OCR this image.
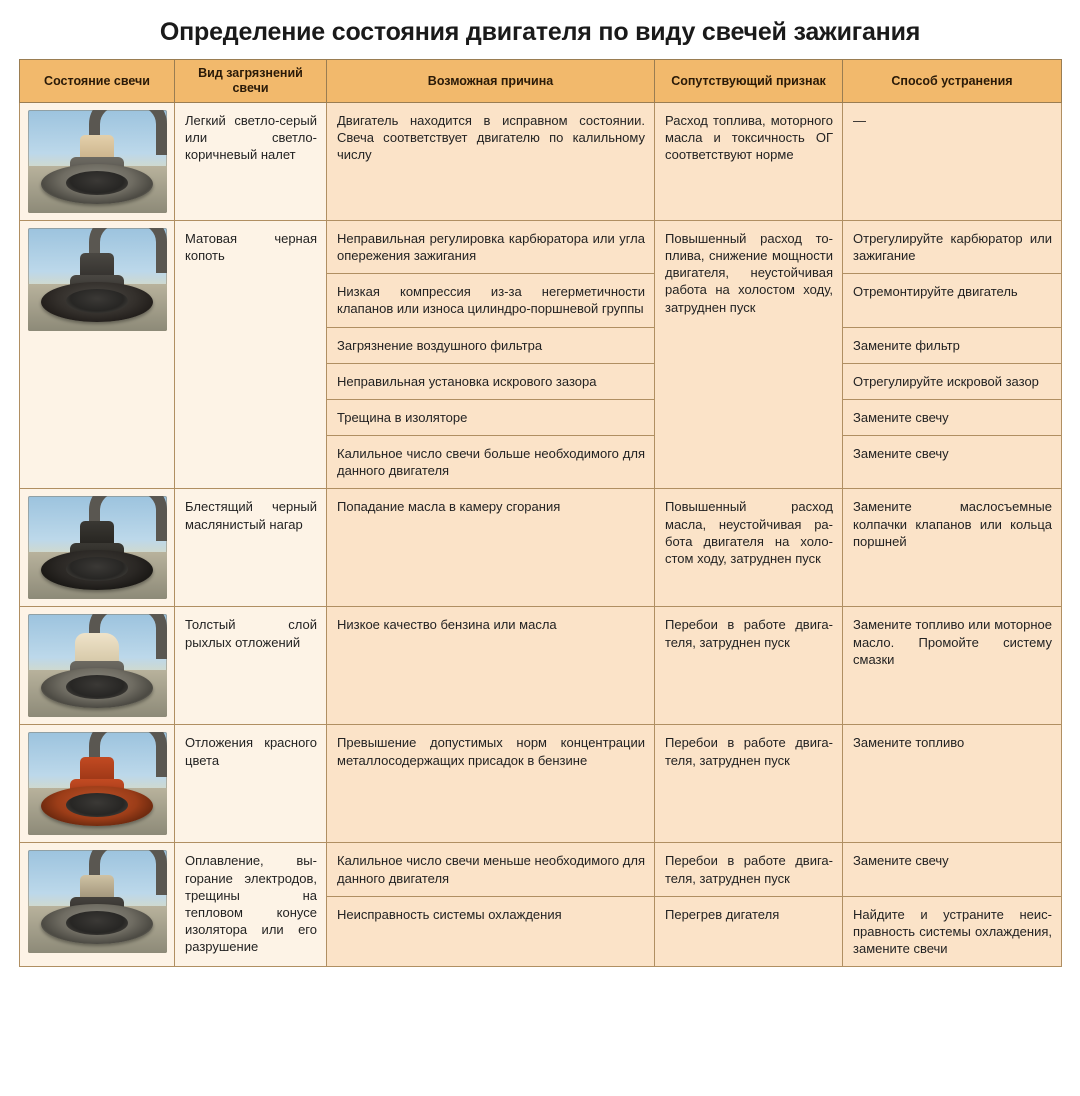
Определение состояния двигателя по виду свечей зажигания
Состояние свечи	Вид загрязнений свечи	Возможная причина	Сопутствующий признак	Способ устранения

	Легкий светло-серый или светло-коричневый налет	Двигатель находится в исправном состоянии. Свеча соответствует двигателю по калильному числу	Расход топлива, моторного масла и токсичность ОГ соответствуют норме	—

	Матовая черная копоть	Неправильная регулировка карбюратора или угла опережения зажигания	Повышенный расход топлива, снижение мощности двигателя, неустойчивая работа на холостом ходу, затруднен пуск	Отрегулируйте карбюратор или зажигание
		Низкая компрессия из-за негерметичности клапанов или износа цилиндро-поршневой группы		Отремонтируйте двигатель
		Загрязнение воздушного фильтра		Замените фильтр
		Неправильная установка искрового зазора		Отрегулируйте искровой зазор
		Трещина в изоляторе		Замените свечу
		Калильное число свечи больше необходимого для данного двигателя		Замените свечу

	Блестящий черный маслянистый нагар	Попадание масла в камеру сгорания	Повышенный расход масла, неустойчивая работа двигателя на холостом ходу, затруднен пуск	Замените маслосъемные колпачки клапанов или кольца поршней

	Толстый слой рыхлых отложений	Низкое качество бензина или масла	Перебои в работе двигателя, затруднен пуск	Замените топливо или моторное масло. Промойте систему смазки

	Отложения красного цвета	Превышение допустимых норм концентрации металлосодержащих присадок в бензине	Перебои в работе двигателя, затруднен пуск	Замените топливо

	Оплавление, выгорание электродов, трещины на тепловом конусе изолятора или его разрушение	Калильное число свечи меньше необходимого для данного двигателя	Перебои в работе двигателя, затруднен пуск	Замените свечу
		Неисправность системы охлаждения	Перегрев дигателя	Найдите и устраните неисправность системы охлаждения, замените свечи
